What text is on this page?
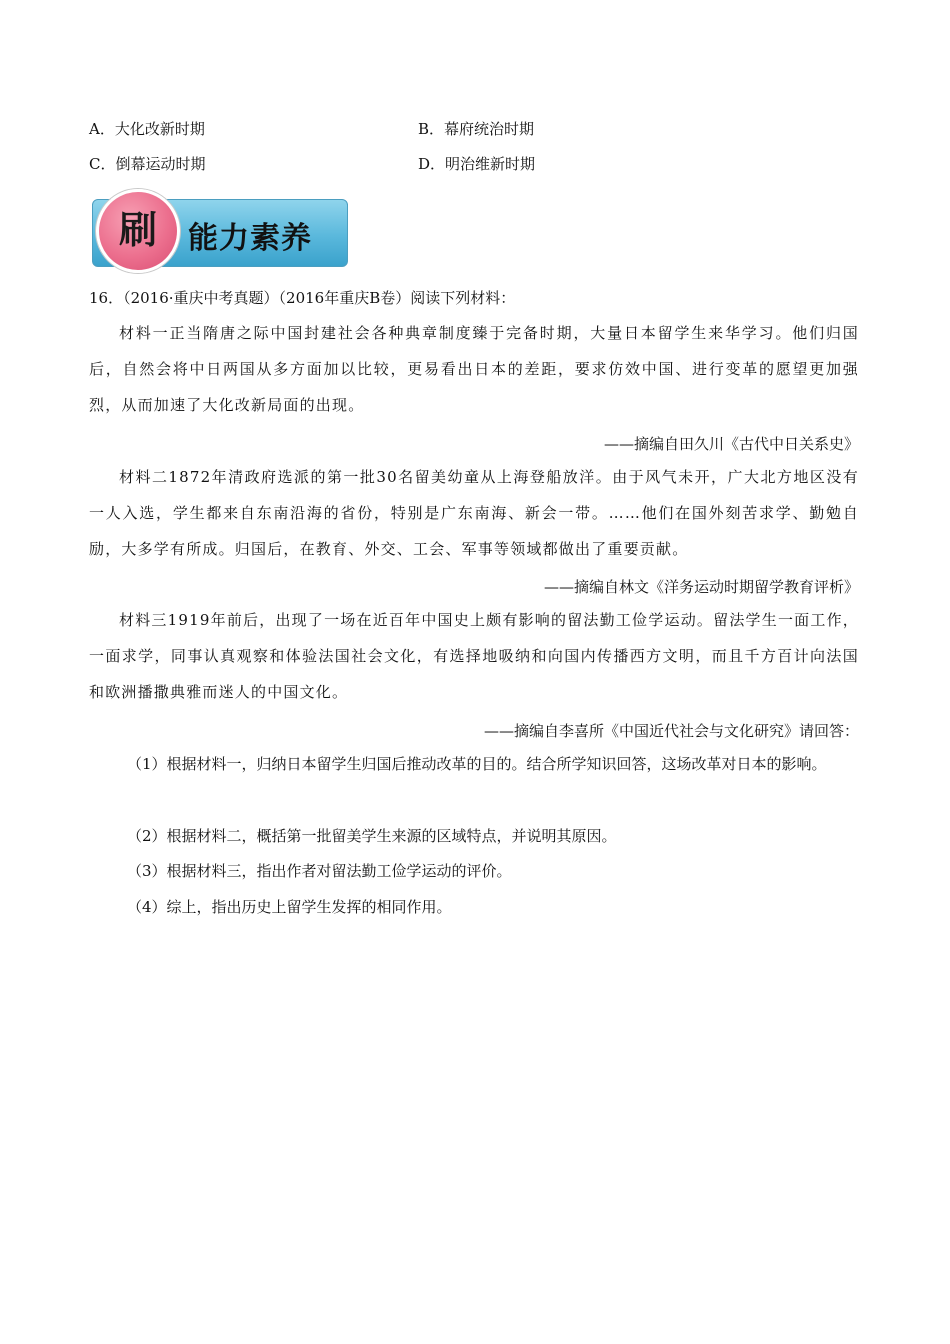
A．大化改新时期	B．幕府统治时期
C．倒幕运动时期	D．明治维新时期
刷	能力素养
16．（2016·重庆中考真题）（2016年重庆B卷）阅读下列材料：
材料一正当隋唐之际中国封建社会各种典章制度臻于完备时期，大量日本留学生来华学习。他们归国后，自然会将中日两国从多方面加以比较，更易看出日本的差距，要求仿效中国、进行变革的愿望更加强烈，从而加速了大化改新局面的出现。
——摘编自田久川《古代中日关系史》
材料二1872年清政府选派的第一批30名留美幼童从上海登船放洋。由于风气未开，广大北方地区没有一人入选，学生都来自东南沿海的省份，特别是广东南海、新会一带。……他们在国外刻苦求学、勤勉自励，大多学有所成。归国后，在教育、外交、工会、军事等领域都做出了重要贡献。
——摘编自林文《洋务运动时期留学教育评析》
材料三1919年前后，出现了一场在近百年中国史上颇有影响的留法勤工俭学运动。留法学生一面工作，一面求学，同事认真观察和体验法国社会文化，有选择地吸纳和向国内传播西方文明，而且千方百计向法国和欧洲播撒典雅而迷人的中国文化。
——摘编自李喜所《中国近代社会与文化研究》请回答：
（1）根据材料一，归纳日本留学生归国后推动改革的目的。结合所学知识回答，这场改革对日本的影响。
（2）根据材料二，概括第一批留美学生来源的区域特点，并说明其原因。
（3）根据材料三，指出作者对留法勤工俭学运动的评价。
（4）综上，指出历史上留学生发挥的相同作用。
